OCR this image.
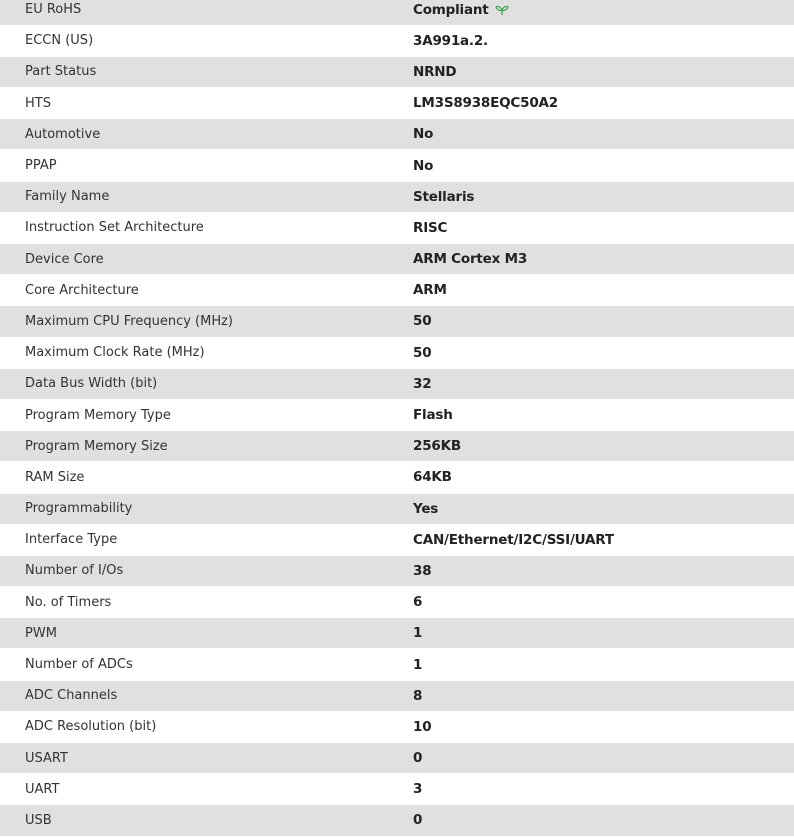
EU RoHS	Compliant
ECCN (US)	3A991a.2.
Part Status	NRND
HTS	LM3S8938EQC50A2
Automotive	No
PPAP	No
Family Name	Stellaris
Instruction Set Architecture	RISC
Device Core	ARM Cortex M3
Core Architecture	ARM
Maximum CPU Frequency (MHz)	50
Maximum Clock Rate (MHz)	50
Data Bus Width (bit)	32
Program Memory Type	Flash
Program Memory Size	256KB
RAM Size	64KB
Programmability	Yes
Interface Type	CAN/Ethernet/I2C/SSI/UART
Number of I/Os	38
No. of Timers	6
PWM	1
Number of ADCs	1
ADC Channels	8
ADC Resolution (bit)	10
USART	0
UART	3
USB	0
